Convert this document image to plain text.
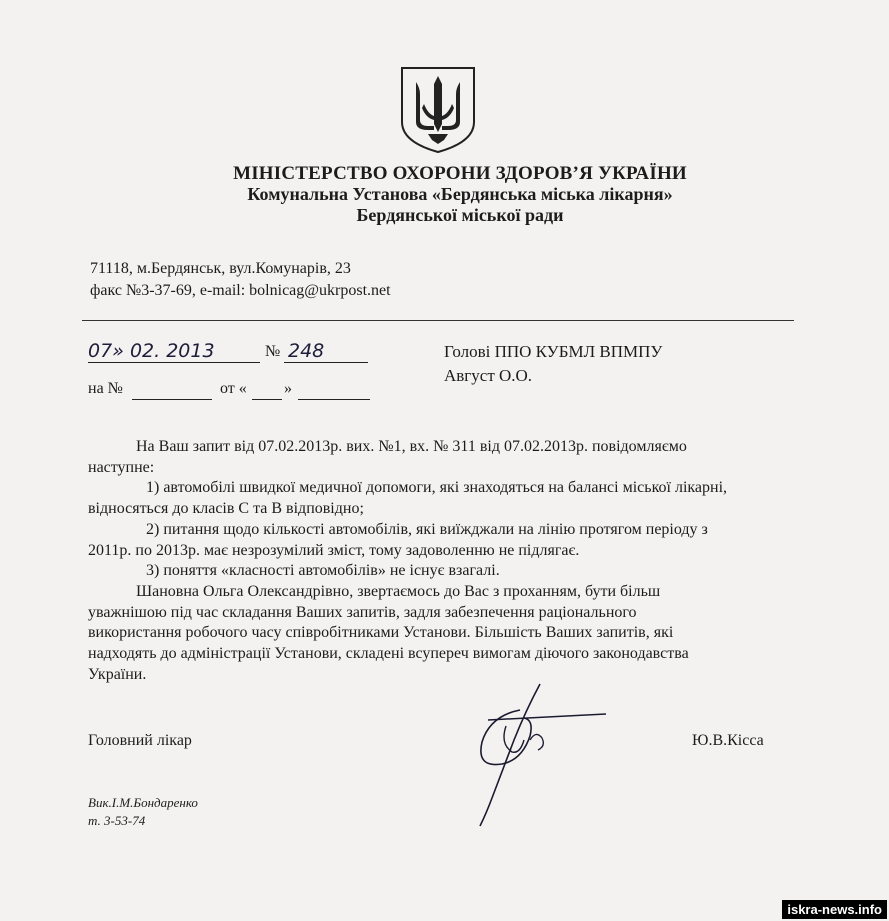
МІНІСТЕРСТВО ОХОРОНИ ЗДОРОВ’Я УКРАЇНИ
Комунальна Установа «Бердянська міська лікарня»
Бердянської міської ради
71118, м.Бердянськ, вул.Комунарів, 23
факс №3-37-69, e-mail: bolnicag@ukrpost.net
07» 02. 2013	№ 248
на №	от « »
Голові ППО КУБМЛ ВПМПУ
Август О.О.

На Ваш запит від 07.02.2013р. вих. №1, вх. № 311 від 07.02.2013р. повідомляємо

наступне:

1) автомобілі швидкої медичної допомоги, які знаходяться на балансі міської лікарні,

відносяться до класів С та В відповідно;

2) питання щодо кількості автомобілів, які виїжджали на лінію протягом періоду з

2011р. по 2013р. має незрозумілий зміст, тому задоволенню не підлягає.

3) поняття «класності автомобілів» не існує взагалі.

Шановна Ольга Олександрівно, звертаємось до Вас з проханням, бути більш

уважнішою під час складання Ваших запитів, задля забезпечення раціонального

використання робочого часу співробітниками Установи. Більшість Ваших запитів, які

надходять до адміністрації Установи, складені всупереч вимогам діючого законодавства

України.

Головний лікар	Ю.В.Кісса
Вик.І.М.Бондаренко
т. 3-53-74
iskra-news.info
